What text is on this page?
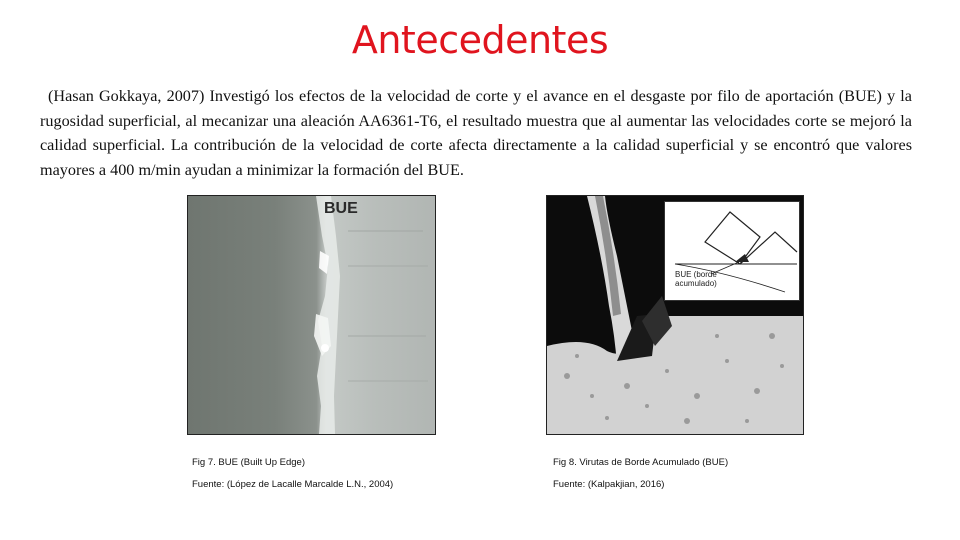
Antecedentes
(Hasan Gokkaya, 2007) Investigó los efectos de la velocidad de corte y el avance en el desgaste por filo de aportación (BUE) y la rugosidad superficial, al mecanizar una aleación AA6361-T6, el resultado muestra que al aumentar las velocidades corte se mejoró la calidad superficial. La contribución de la velocidad de corte afecta directamente a la calidad superficial y se encontró que valores mayores a 400 m/min ayudan a minimizar la formación del BUE.
BUE
BUE (borde
acumulado)
Fig 7. BUE (Built Up Edge)
Fuente: (López de Lacalle Marcalde L.N., 2004)
Fig 8. Virutas de Borde Acumulado (BUE)
Fuente: (Kalpakjian, 2016)
